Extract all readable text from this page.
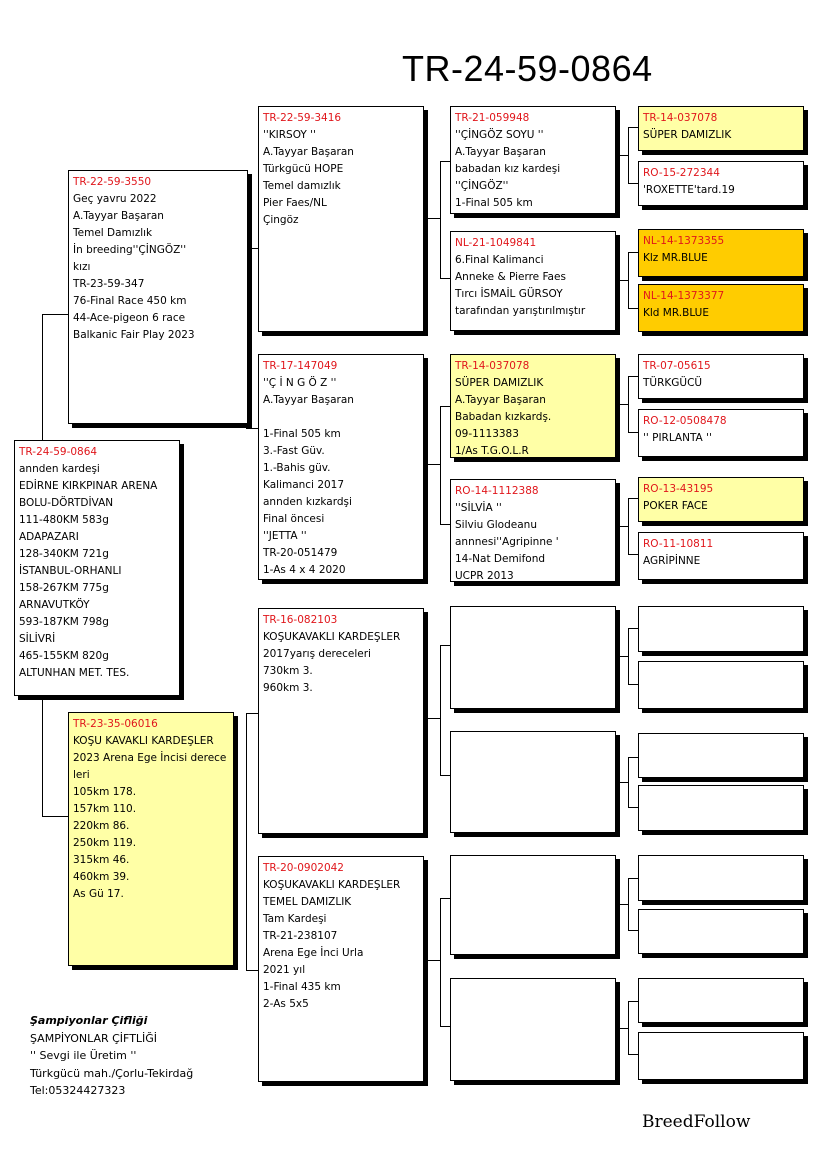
TR-24-59-0864
TR-24-59-0864
annden kardeşi
EDİRNE KIRKPINAR ARENA
BOLU-DÖRTDİVAN
111-480KM 583g
ADAPAZARI
128-340KM 721g
İSTANBUL-ORHANLI
158-267KM 775g
ARNAVUTKÖY
593-187KM 798g
SİLİVRİ
465-155KM 820g
ALTUNHAN MET. TES.
TR-22-59-3550
Geç yavru 2022
A.Tayyar Başaran
Temel Damızlık
İn breeding''ÇİNGÖZ''
kızı
TR-23-59-347
76-Final Race 450 km
44-Ace-pigeon 6 race
Balkanic Fair Play 2023
TR-23-35-06016
KOŞU KAVAKLI KARDEŞLER
2023 Arena Ege İncisi derece
leri
105km 178.
157km 110.
220km 86.
250km 119.
315km 46.
460km 39.
As Gü 17.
TR-22-59-3416
''KIRSOY ''
A.Tayyar Başaran
Türkgücü HOPE
Temel damızlık
Pier Faes/NL
Çingöz
TR-17-147049
''Ç İ N G Ö Z ''
A.Tayyar Başaran
1-Final 505 km
3.-Fast Güv.
1.-Bahis güv.
Kalimanci 2017
annden kızkardşi
Final öncesi
''JETTA ''
TR-20-051479
1-As 4 x 4 2020
TR-16-082103
KOŞUKAVAKLI KARDEŞLER
2017yarış dereceleri
730km 3.
960km 3.
TR-20-0902042
KOŞUKAVAKLI KARDEŞLER
TEMEL DAMIZLIK
Tam Kardeşi
TR-21-238107
Arena Ege İnci Urla
2021 yıl
1-Final 435 km
2-As 5x5
TR-21-059948
''ÇİNGÖZ SOYU ''
A.Tayyar Başaran
babadan kız kardeşi
''ÇİNGÖZ''
1-Final 505 km
NL-21-1049841
6.Final Kalimanci
Anneke & Pierre Faes
Tırcı İSMAİL GÜRSOY
tarafından yarıştırılmıştır
TR-14-037078
SÜPER DAMIZLIK
A.Tayyar Başaran
Babadan kızkardş.
09-1113383
1/As T.G.O.L.R
RO-14-1112388
''SİLVİA ''
Silviu Glodeanu
annnesi''Agripinne '
14-Nat Demifond
UCPR 2013
TR-14-037078
SÜPER DAMIZLIK
RO-15-272344
'ROXETTE'tard.19
NL-14-1373355
Klz MR.BLUE
NL-14-1373377
Kld MR.BLUE
TR-07-05615
TÜRKGÜCÜ
RO-12-0508478
'' PIRLANTA ''
RO-13-43195
POKER FACE
RO-11-10811
AGRİPİNNE
Şampiyonlar Çifliği
ŞAMPİYONLAR ÇİFTLİĞİ
'' Sevgi ile Üretim ''
Türkgücü mah./Çorlu-Tekirdağ
Tel:05324427323
BreedFollow
